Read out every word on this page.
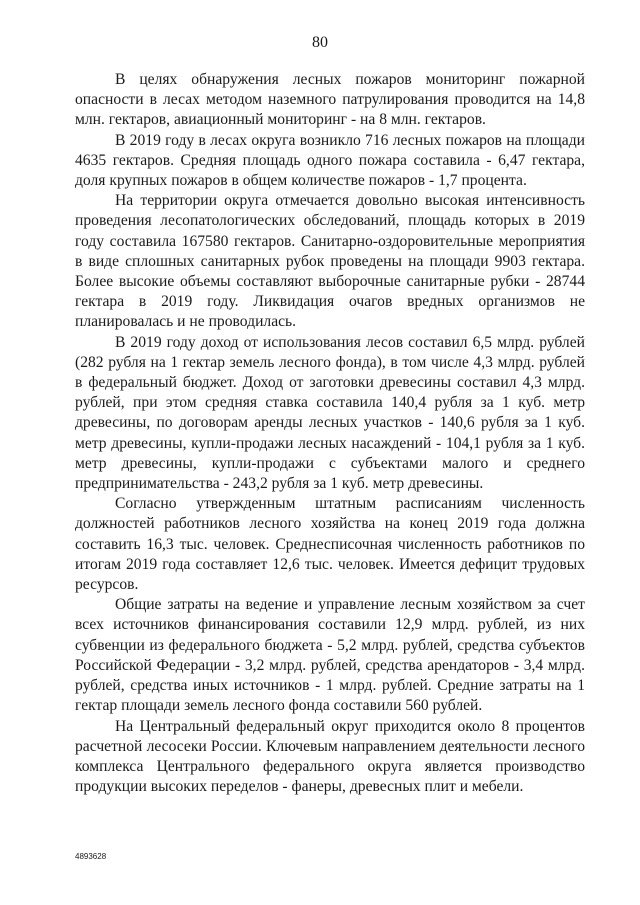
80

В целях обнаружения лесных пожаров мониторинг пожарной опасности в лесах методом наземного патрулирования проводится на 14,8 млн. гектаров, авиационный мониторинг - на 8 млн. гектаров.

В 2019 году в лесах округа возникло 716 лесных пожаров на площади 4635 гектаров. Средняя площадь одного пожара составила - 6,47 гектара, доля крупных пожаров в общем количестве пожаров - 1,7 процента.

На территории округа отмечается довольно высокая интенсивность проведения лесопатологических обследований, площадь которых в 2019 году составила 167580 гектаров. Санитарно-оздоровительные мероприятия в виде сплошных санитарных рубок проведены на площади 9903 гектара. Более высокие объемы составляют выборочные санитарные рубки - 28744 гектара в 2019 году. Ликвидация очагов вредных организмов не планировалась и не проводилась.

В 2019 году доход от использования лесов составил 6,5 млрд. рублей (282 рубля на 1 гектар земель лесного фонда), в том числе 4,3 млрд. рублей в федеральный бюджет. Доход от заготовки древесины составил 4,3 млрд. рублей, при этом средняя ставка составила 140,4 рубля за 1 куб. метр древесины, по договорам аренды лесных участков - 140,6 рубля за 1 куб. метр древесины, купли-продажи лесных насаждений - 104,1 рубля за 1 куб. метр древесины, купли-продажи с субъектами малого и среднего предпринимательства - 243,2 рубля за 1 куб. метр древесины.

Согласно утвержденным штатным расписаниям численность должностей работников лесного хозяйства на конец 2019 года должна составить 16,3 тыс. человек. Среднесписочная численность работников по итогам 2019 года составляет 12,6 тыс. человек. Имеется дефицит трудовых ресурсов.

Общие затраты на ведение и управление лесным хозяйством за счет всех источников финансирования составили 12,9 млрд. рублей, из них субвенции из федерального бюджета - 5,2 млрд. рублей, средства субъектов Российской Федерации - 3,2 млрд. рублей, средства арендаторов - 3,4 млрд. рублей, средства иных источников - 1 млрд. рублей. Средние затраты на 1 гектар площади земель лесного фонда составили 560 рублей.

На Центральный федеральный округ приходится около 8 процентов расчетной лесосеки России. Ключевым направлением деятельности лесного комплекса Центрального федерального округа является производство продукции высоких переделов - фанеры, древесных плит и мебели.

4893628
